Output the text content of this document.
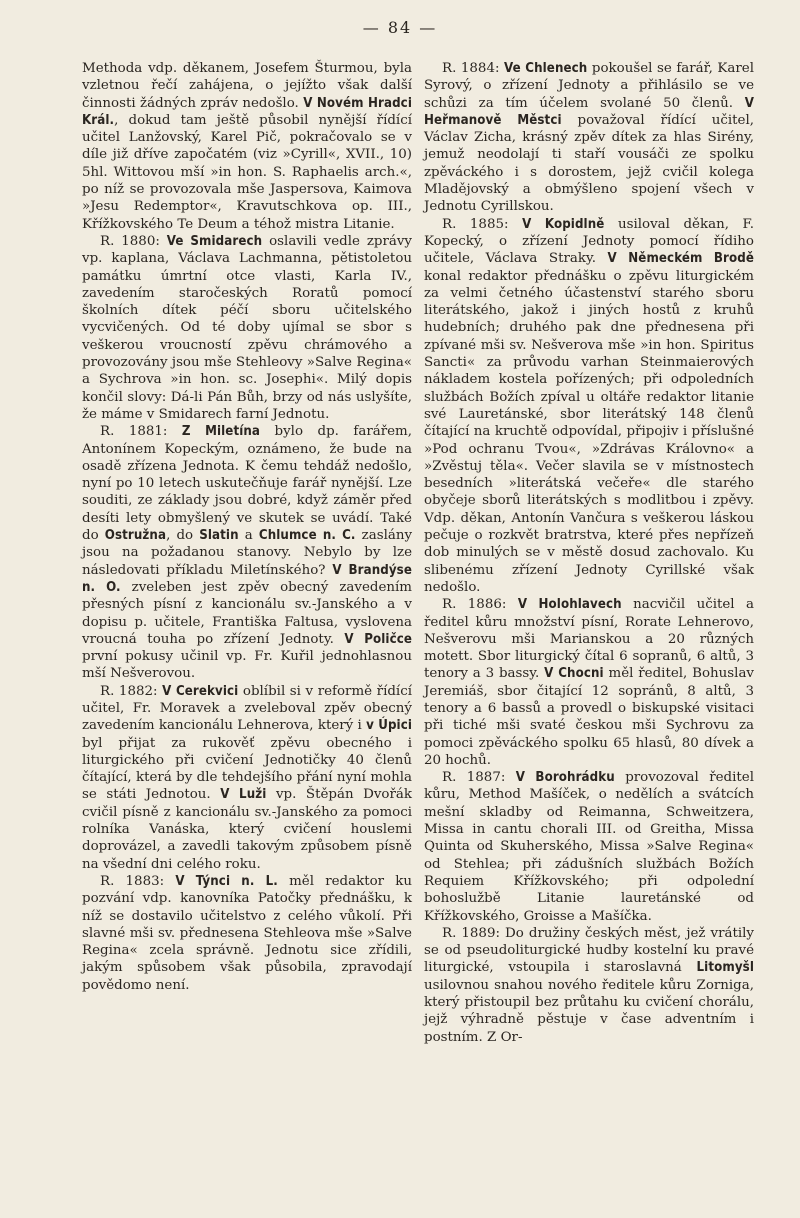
— 84 —

Methoda vdp. děkanem, Josefem Šturmou, byla vzletnou řečí zahájena, o jejížto však další činnosti žádných zpráv nedošlo. V Novém Hradci Král., dokud tam ještě působil nynější řídící učitel Lanžovský, Karel Pič, pokračovalo se v díle již dříve započatém (viz »Cyrill«, XVII., 10) 5hl. Wittovou mší »in hon. S. Raphaelis arch.«, po níž se provozovala mše Jaspersova, Kaimova »Jesu Redemptor«, Kravutschkova op. III., Křížkovského Te Deum a téhož mistra Litanie.

R. 1880: Ve Smidarech oslavili vedle zprávy vp. kaplana, Václava Lachmanna, pětistoletou památku úmrtní otce vlasti, Karla IV., zavedením staročeských Roratů pomocí školních dítek péčí sboru učitelského vycvičených. Od té doby ujímal se sbor s veškerou vroucností zpěvu chrámového a provozovány jsou mše Stehleovy »Salve Regina« a Sychrova »in hon. sc. Josephi«. Milý dopis končil slovy: Dá-li Pán Bůh, brzy od nás uslyšíte, že máme v Smidarech farní Jednotu.

R. 1881: Z Miletína bylo dp. farářem, Antonínem Kopeckým, oznámeno, že bude na osadě zřízena Jednota. K čemu tehdáž nedošlo, nyní po 10 letech uskutečňuje farář nynější. Lze souditi, ze základy jsou dobré, když záměr před desíti lety obmyšlený ve skutek se uvádí. Také do Ostružna, do Slatin a Chlumce n. C. zaslány jsou na požadanou stanovy. Nebylo by lze následovati příkladu Miletínského? V Brandýse n. O. zveleben jest zpěv obecný zavedením přesných písní z kancionálu sv.-Janského a v dopisu p. učitele, Františka Faltusa, vyslovena vroucná touha po zřízení Jednoty. V Poličce první pokusy učinil vp. Fr. Kuřil jednohlasnou mší Nešverovou.

R. 1882: V Cerekvici oblíbil si v reformě řídící učitel, Fr. Moravek a zveleboval zpěv obecný zavedením kancionálu Lehnerova, který i v Úpici byl přijat za rukověť zpěvu obecného i liturgického při cvičení Jednotičky 40 členů čítající, která by dle tehdejšího přání nyní mohla se státi Jednotou. V Luži vp. Štěpán Dvořák cvičil písně z kancionálu sv.-Janského za pomoci rolníka Vanáska, který cvičení houslemi doprovázel, a zavedli takovým způsobem písně na všední dni celého roku.

R. 1883: V Týnci n. L. měl redaktor ku pozvání vdp. kanovníka Patočky přednášku, k níž se dostavilo učitelstvo z celého vůkolí. Při slavné mši sv. přednesena Stehleova mše »Salve Regina« zcela správně. Jednotu sice zřídili, jakým spůsobem však působila, zpravodají povědomo není.

R. 1884: Ve Chlenech pokoušel se farář, Karel Syrový, o zřízení Jednoty a přihlásilo se ve schůzi za tím účelem svolané 50 členů. V Heřmanově Městci považoval řídící učitel, Václav Zicha, krásný zpěv dítek za hlas Sirény, jemuž neodolají ti staří vousáči ze spolku zpěváckého i s dorostem, jejž cvičil kolega Mladějovský a obmýšleno spojení všech v Jednotu Cyrillskou.

R. 1885: V Kopidlně usiloval děkan, F. Kopecký, o zřízení Jednoty pomocí řídiho učitele, Václava Straky. V Německém Brodě konal redaktor přednášku o zpěvu liturgickém za velmi četného účastenství starého sboru literátského, jakož i jiných hostů z kruhů hudebních; druhého pak dne přednesena při zpívané mši sv. Nešverova mše »in hon. Spiritus Sancti« za průvodu varhan Steinmaierových nákladem kostela pořízených; při odpoledních službách Božích zpíval u oltáře redaktor litanie své Lauretánské, sbor literátský 148 členů čítající na kruchtě odpovídal, připojiv i příslušné »Pod ochranu Tvou«, »Zdrávas Královno« a »Zvěstuj těla«. Večer slavila se v místnostech besedních »literátská večeře« dle starého obyčeje sborů literátských s modlitbou i zpěvy. Vdp. děkan, Antonín Vančura s veškerou láskou pečuje o rozkvět bratrstva, které přes nepřízeň dob minulých se v městě dosud zachovalo. Ku slibenému zřízení Jednoty Cyrillské však nedošlo.

R. 1886: V Holohlavech nacvičil učitel a ředitel kůru množství písní, Rorate Lehnerovo, Nešverovu mši Marianskou a 20 různých motett. Sbor liturgický čítal 6 sopranů, 6 altů, 3 tenory a 3 bassy. V Chocni měl ředitel, Bohuslav Jeremiáš, sbor čitající 12 sopránů, 8 altů, 3 tenory a 6 bassů a provedl o biskupské visitaci při tiché mši svaté českou mši Sychrovu za pomoci zpěváckého spolku 65 hlasů, 80 dívek a 20 hochů.

R. 1887: V Borohrádku provozoval ředitel kůru, Method Mašíček, o nedělích a svátcích mešní skladby od Reimanna, Schweitzera, Missa in cantu chorali III. od Greitha, Missa Quinta od Skuherského, Missa »Salve Regina« od Stehlea; při zádušních službách Božích Requiem Křížkovského; při odpolední bohoslužbě Litanie lauretánské od Křížkovského, Groisse a Mašíčka.

R. 1889: Do družiny českých měst, jež vrátily se od pseudoliturgické hudby kostelní ku pravé liturgické, vstoupila i staroslavná Litomyšl usilovnou snahou nového ředitele kůru Zorniga, který přistoupil bez průtahu ku cvičení chorálu, jejž výhradně pěstuje v čase adventním i postním. Z Or-
